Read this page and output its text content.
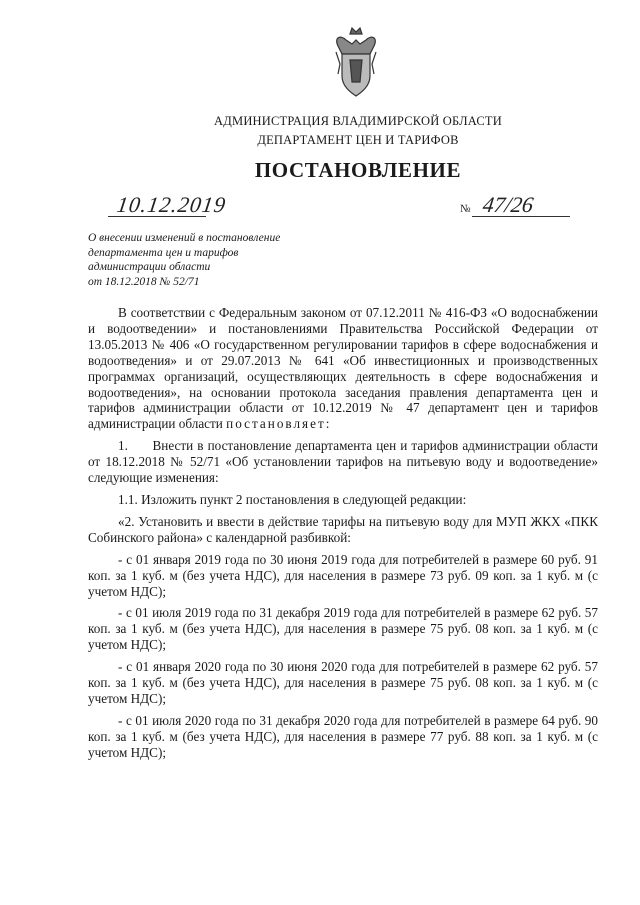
АДМИНИСТРАЦИЯ ВЛАДИМИРСКОЙ ОБЛАСТИ
ДЕПАРТАМЕНТ ЦЕН И ТАРИФОВ
ПОСТАНОВЛЕНИЕ
10.12.2019	№ 47/26
О внесении изменений в постановление
департамента цен и тарифов
администрации области
от 18.12.2018 № 52/71
В соответствии с Федеральным законом от 07.12.2011 № 416-ФЗ «О водоснабжении и водоотведении» и постановлениями Правительства Российской Федерации от 13.05.2013 № 406 «О государственном регулировании тарифов в сфере водоснабжения и водоотведения» и от 29.07.2013 № 641 «Об инвестиционных и производственных программах организаций, осуществляющих деятельность в сфере водоснабжения и водоотведения», на основании протокола заседания правления департамента цен и тарифов администрации области от 10.12.2019 № 47 департамент цен и тарифов администрации области постановляет:
1.      Внести в постановление департамента цен и тарифов администрации области от 18.12.2018 № 52/71 «Об установлении тарифов на питьевую воду и водоотведение» следующие изменения:
1.1. Изложить пункт 2 постановления в следующей редакции:
«2. Установить и ввести в действие тарифы на питьевую воду для МУП ЖКХ «ПКК Собинского района» с календарной разбивкой:
- с 01 января 2019 года по 30 июня 2019 года для потребителей в размере 60 руб. 91 коп. за 1 куб. м (без учета НДС), для населения в размере 73 руб. 09 коп. за 1 куб. м (с учетом НДС);
- с 01 июля 2019 года по 31 декабря 2019 года для потребителей в размере 62 руб. 57 коп. за 1 куб. м (без учета НДС), для населения в размере 75 руб. 08 коп. за 1 куб. м (с учетом НДС);
- с 01 января 2020 года по 30 июня 2020 года для потребителей в размере 62 руб. 57 коп. за 1 куб. м (без учета НДС), для населения в размере 75 руб. 08 коп. за 1 куб. м (с учетом НДС);
- с 01 июля 2020 года по 31 декабря 2020 года для потребителей в размере 64 руб. 90 коп. за 1 куб. м (без учета НДС), для населения в размере 77 руб. 88 коп. за 1 куб. м (с учетом НДС);
